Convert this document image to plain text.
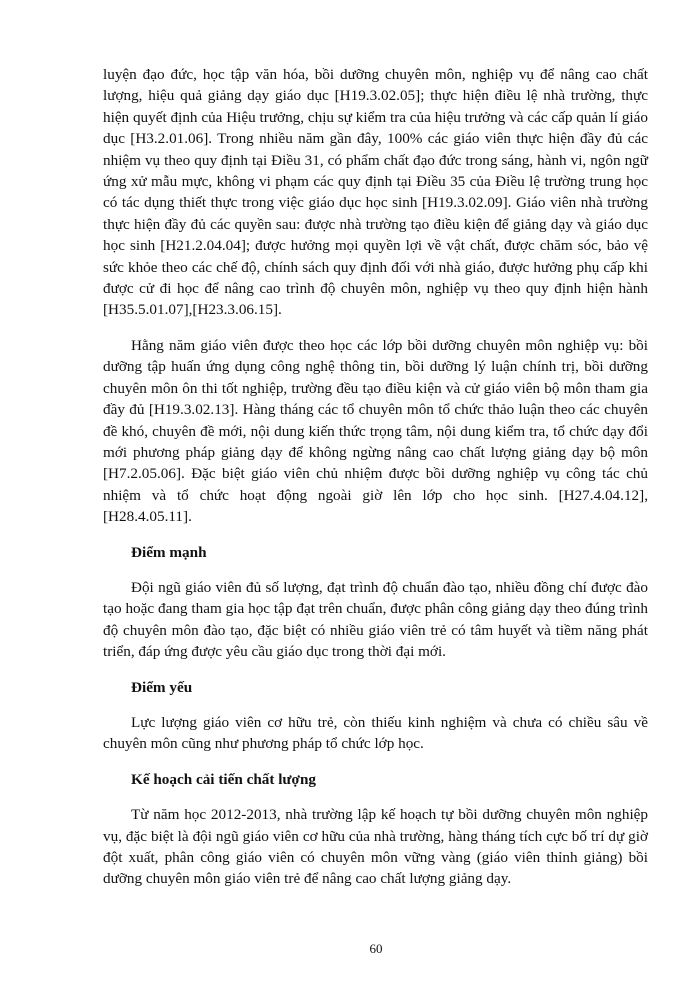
luyện đạo đức, học tập văn hóa, bồi dưỡng chuyên môn, nghiệp vụ để nâng cao chất lượng, hiệu quả giảng dạy giáo dục [H19.3.02.05]; thực hiện điều lệ nhà trường, thực hiện quyết định của Hiệu trưởng, chịu sự kiểm tra của hiệu trưởng và các cấp quản lí giáo dục [H3.2.01.06]. Trong nhiều năm gần đây, 100% các giáo viên thực hiện đầy đủ các nhiệm vụ theo quy định tại Điều 31, có phẩm chất đạo đức trong sáng, hành vi, ngôn ngữ ứng xử mẫu mực, không vi phạm các quy định tại Điều 35 của Điều lệ trường trung học có tác dụng thiết thực trong việc giáo dục học sinh [H19.3.02.09]. Giáo viên nhà trường thực hiện đầy đủ các quyền sau: được nhà trường tạo điều kiện để giảng dạy và giáo dục học sinh [H21.2.04.04]; được hưởng mọi quyền lợi về vật chất, được chăm sóc, bảo vệ sức khỏe theo các chế độ, chính sách quy định đối với nhà giáo, được hưởng phụ cấp khi được cử đi học để nâng cao trình độ chuyên môn, nghiệp vụ theo quy định hiện hành [H35.5.01.07],[H23.3.06.15].

Hằng năm giáo viên được theo học các lớp bồi dưỡng chuyên môn nghiệp vụ: bồi dưỡng tập huấn ứng dụng công nghệ thông tin, bồi dưỡng lý luận chính trị, bồi dưỡng chuyên môn ôn thi tốt nghiệp, trường đều tạo điều kiện và cử giáo viên bộ môn tham gia đầy đủ [H19.3.02.13]. Hàng tháng các tổ chuyên môn tổ chức thảo luận theo các chuyên đề khó, chuyên đề mới, nội dung kiến thức trọng tâm, nội dung kiểm tra, tổ chức dạy đổi mới phương pháp giảng dạy để không ngừng nâng cao chất lượng giảng dạy bộ môn [H7.2.05.06]. Đặc biệt giáo viên chủ nhiệm được bồi dưỡng nghiệp vụ công tác chủ nhiệm và tổ chức hoạt động ngoài giờ lên lớp cho học sinh. [H27.4.04.12], [H28.4.05.11].

Điểm mạnh

Đội ngũ giáo viên đủ số lượng, đạt trình độ chuẩn đào tạo, nhiều đồng chí được đào tạo hoặc đang tham gia học tập đạt trên chuẩn, được phân công giảng dạy theo đúng trình độ chuyên môn đào tạo, đặc biệt có nhiều giáo viên trẻ có tâm huyết và tiềm năng phát triển, đáp ứng được yêu cầu giáo dục trong thời đại mới.

Điểm yếu

Lực lượng giáo viên cơ hữu trẻ, còn thiếu kinh nghiệm và chưa có chiều sâu về chuyên môn cũng như phương pháp tổ chức lớp học.

Kế hoạch cải tiến chất lượng

Từ năm học 2012-2013, nhà trường lập kế hoạch tự bồi dưỡng chuyên môn nghiệp vụ, đặc biệt là đội ngũ giáo viên cơ hữu của nhà trường, hàng tháng tích cực bố trí dự giờ đột xuất, phân công giáo viên có chuyên môn vững vàng (giáo viên thỉnh giảng) bồi dưỡng chuyên môn giáo viên trẻ để nâng cao chất lượng giảng dạy.

60
